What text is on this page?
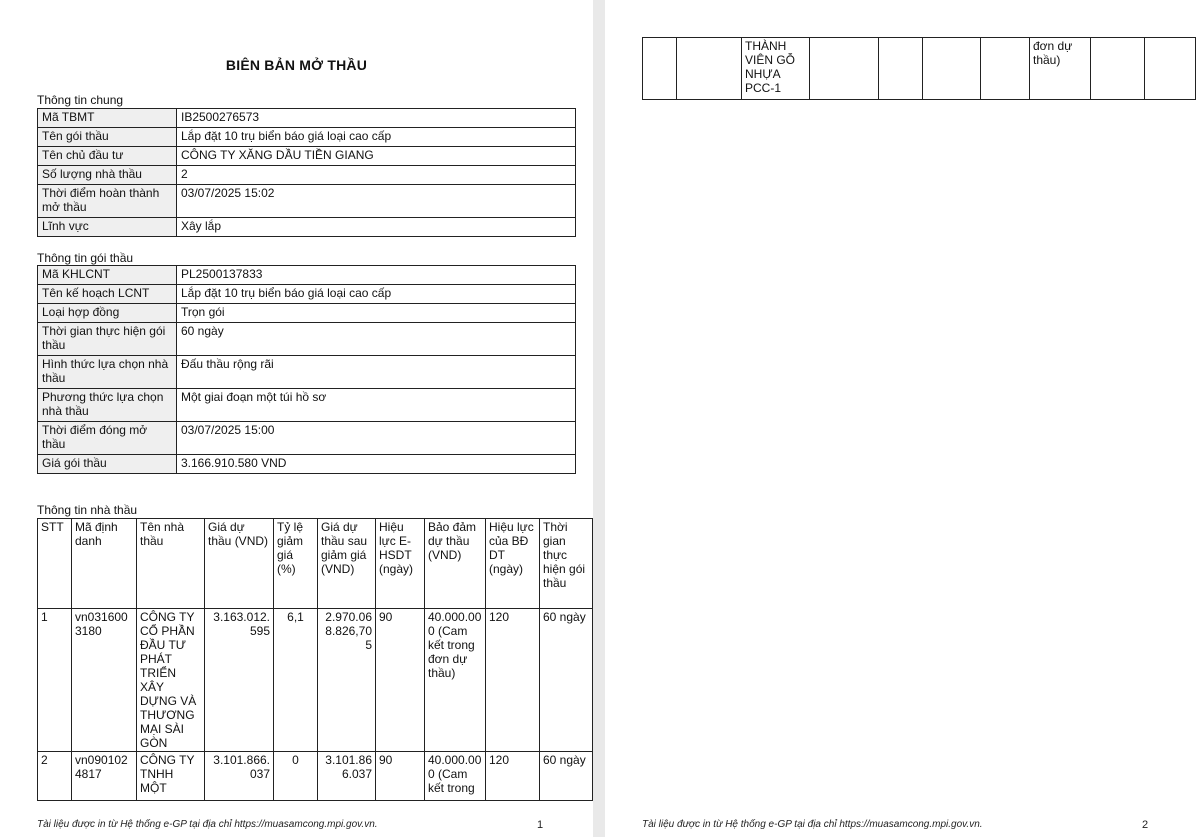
BIÊN BẢN MỞ THẦU
Thông tin chung
Mã TBMT	IB2500276573
Tên gói thầu	Lắp đặt 10 trụ biển báo giá loại cao cấp
Tên chủ đầu tư	CÔNG TY XĂNG DẦU TIỀN GIANG
Số lượng nhà thầu	2
Thời điểm hoàn thành mở thầu	03/07/2025 15:02
Lĩnh vực	Xây lắp
Thông tin gói thầu
Mã KHLCNT	PL2500137833
Tên kế hoạch LCNT	Lắp đặt 10 trụ biển báo giá loại cao cấp
Loại hợp đồng	Trọn gói
Thời gian thực hiện gói thầu	60 ngày
Hình thức lựa chọn nhà thầu	Đấu thầu rộng rãi
Phương thức lựa chọn nhà thầu	Một giai đoạn một túi hồ sơ
Thời điểm đóng mở thầu	03/07/2025 15:00
Giá gói thầu	3.166.910.580 VND
Thông tin nhà thầu
STT	Mã định danh	Tên nhà thầu	Giá dự thầu (VND)	Tỷ lệ giảm giá (%)	Giá dự thầu sau giảm giá (VND)	Hiệu lực E-HSDT (ngày)	Bảo đảm dự thầu (VND)	Hiệu lực của BĐ DT (ngày)	Thời gian thực hiện gói thầu
1	vn0316003180	CÔNG TY CỔ PHẦN ĐẦU TƯ PHÁT TRIỂN XÂY DỰNG VÀ THƯƠNG MẠI SÀI GÒN	3.163.012.595	6,1	2.970.068.826,705	90	40.000.000 (Cam kết trong đơn dự thầu)	120	60 ngày
2	vn0901024817	CÔNG TY TNHH MỘT	3.101.866.037	0	3.101.866.037	90	40.000.000 (Cam kết trong	120	60 ngày
Tài liệu được in từ Hệ thống e-GP tại địa chỉ https://muasamcong.mpi.gov.vn.	1
		THÀNH VIÊN GỖ NHỰA PCC-1					đơn dự thầu)		
Tài liệu được in từ Hệ thống e-GP tại địa chỉ https://muasamcong.mpi.gov.vn.	2
